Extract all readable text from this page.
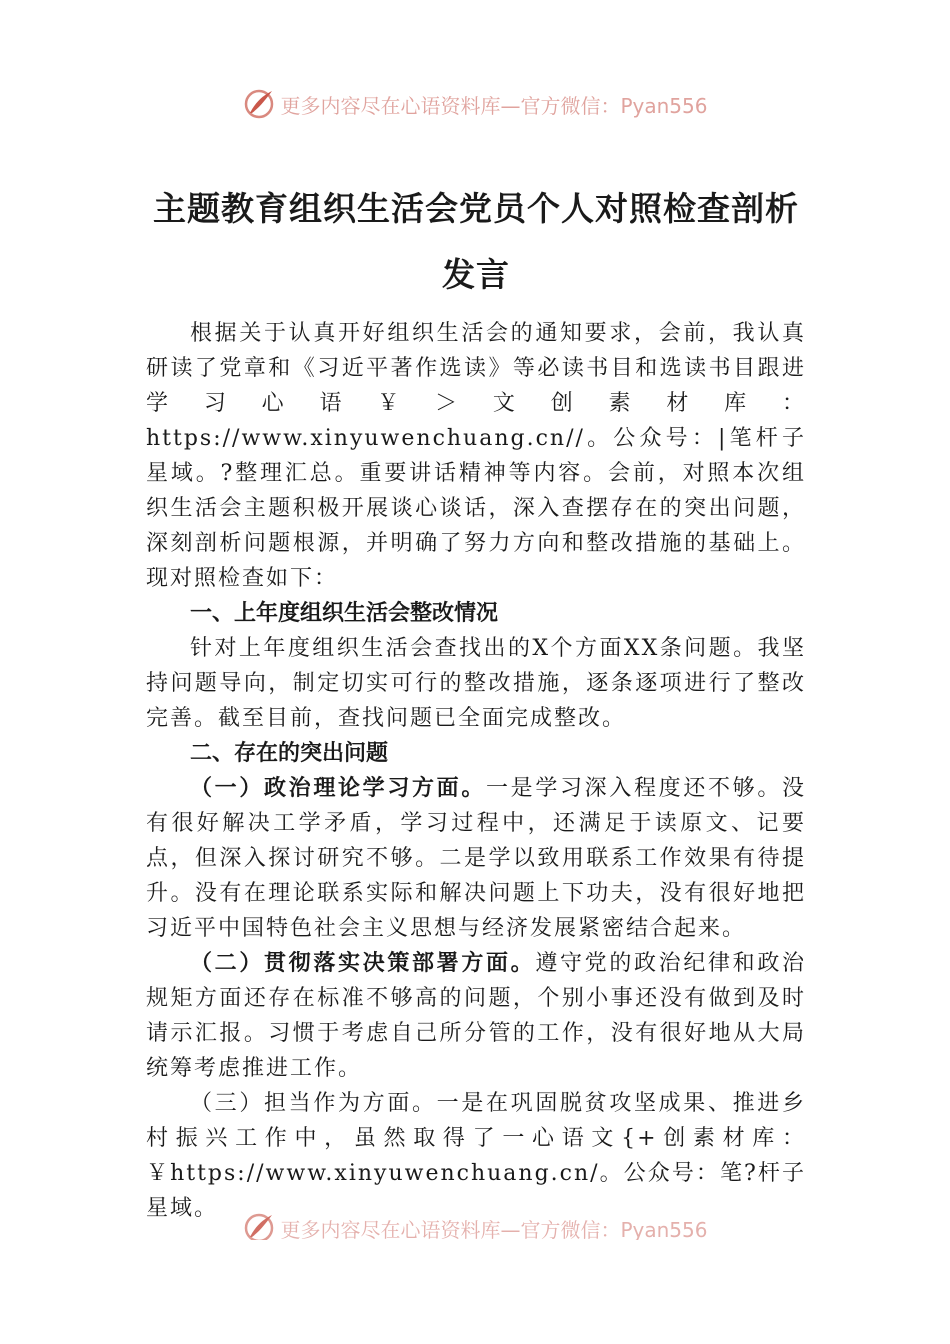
更多内容尽在心语资料库—官方微信：Pyan556
主题教育组织生活会党员个人对照检查剖析发言

根据关于认真开好组织生活会的通知要求，会前，我认真研读了党章和《习近平著作选读》等必读书目和选读书目跟进学习心语￥＞文创素材库：https://www.xinyuwenchuang.cn//。公众号：|笔杆子星域。?整理汇总。重要讲话精神等内容。会前，对照本次组织生活会主题积极开展谈心谈话，深入查摆存在的突出问题，深刻剖析问题根源，并明确了努力方向和整改措施的基础上。现对照检查如下：

一、上年度组织生活会整改情况

针对上年度组织生活会查找出的X个方面XX条问题。我坚持问题导向，制定切实可行的整改措施，逐条逐项进行了整改完善。截至目前，查找问题已全面完成整改。

二、存在的突出问题

（一）政治理论学习方面。一是学习深入程度还不够。没有很好解决工学矛盾，学习过程中，还满足于读原文、记要点，但深入探讨研究不够。二是学以致用联系工作效果有待提升。没有在理论联系实际和解决问题上下功夫，没有很好地把习近平中国特色社会主义思想与经济发展紧密结合起来。

（二）贯彻落实决策部署方面。遵守党的政治纪律和政治规矩方面还存在标准不够高的问题，个别小事还没有做到及时请示汇报。习惯于考虑自己所分管的工作，没有很好地从大局统筹考虑推进工作。

（三）担当作为方面。一是在巩固脱贫攻坚成果、推进乡村振兴工作中，虽然取得了一心语文{+创素材库：￥https://www.xinyuwenchuang.cn/。公众号：笔?杆子星域。

更多内容尽在心语资料库—官方微信：Pyan556
